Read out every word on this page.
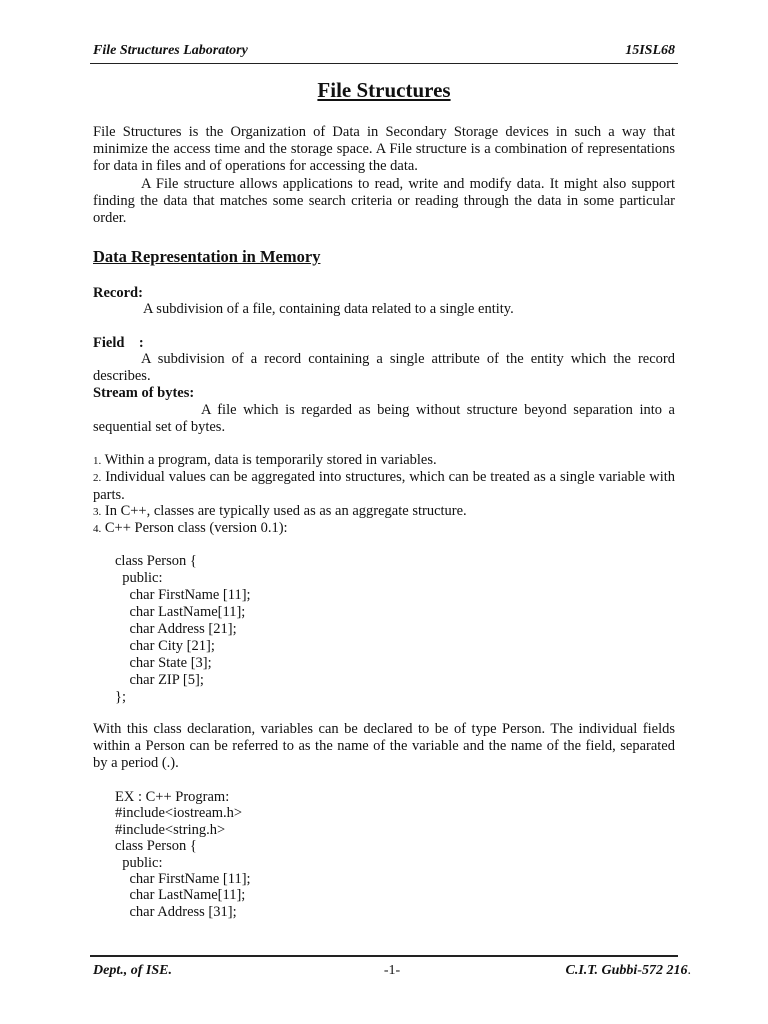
File Structures Laboratory	15ISL68
File Structures
File Structures is the Organization of Data in Secondary Storage devices in such a way that minimize the access time and the storage space. A File structure is a combination of representations for data in files and of operations for accessing the data.
A File structure allows applications to read, write and modify data. It might also support finding the data that matches some search criteria or reading through the data in some particular order.
Data Representation in Memory
Record:
A subdivision of a file, containing data related to a single entity.
Field    :
A subdivision of a record containing a single attribute of the entity which the record describes.
Stream of bytes:
A file which is regarded as being without structure beyond separation into a sequential set of bytes.
1. Within a program, data is temporarily stored in variables.
2. Individual values can be aggregated into structures, which can be treated as a single variable with parts.
3. In C++, classes are typically used as as an aggregate structure.
4. C++ Person class (version 0.1):
class Person {
public:
char FirstName [11];
char LastName[11];
char Address [21];
char City [21];
char State [3];
char ZIP [5];
};
With this class declaration, variables can be declared to be of type Person. The individual fields within a Person can be referred to as the name of the variable and the name of the field, separated by a period (.).
EX : C++ Program:
#include<iostream.h>
#include<string.h>
class Person {
public:
char FirstName [11];
char LastName[11];
char Address [31];
Dept., of ISE.	-1-	C.I.T. Gubbi-572 216.
